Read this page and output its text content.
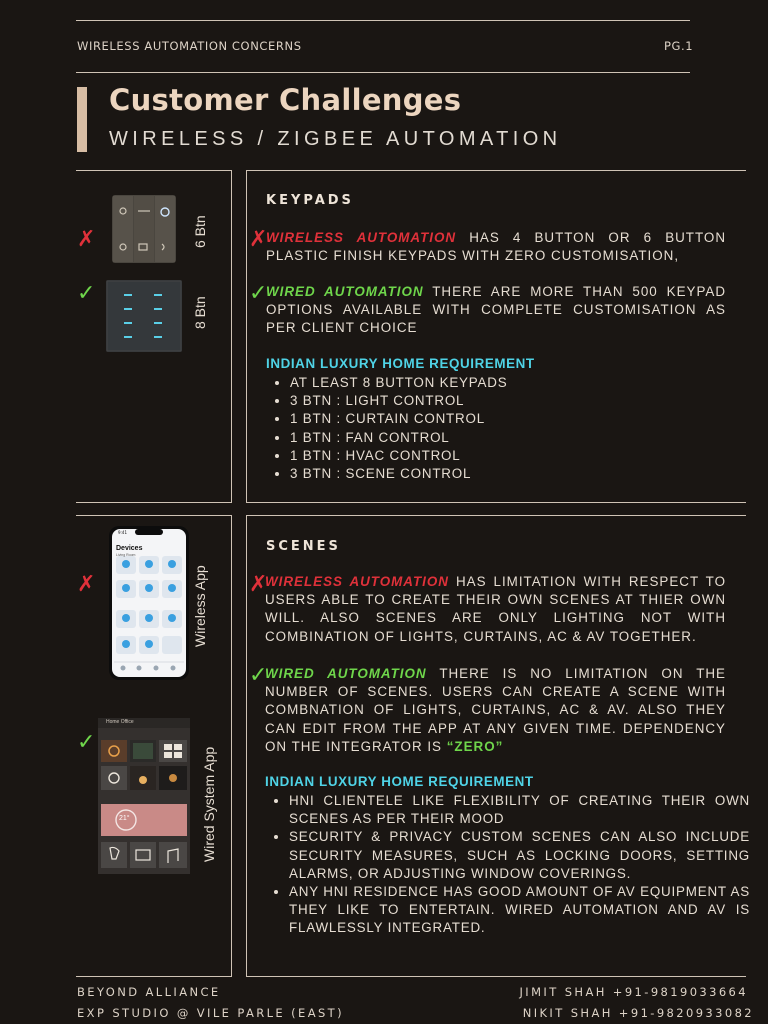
WIRELESS AUTOMATION CONCERNS	PG.1
Customer Challenges
WIRELESS / ZIGBEE AUTOMATION
✗	6 Btn
✓
8 Btn
KEYPADS
✗
WIRELESS AUTOMATION HAS 4 BUTTON OR 6 BUTTON PLASTIC FINISH KEYPADS WITH ZERO CUSTOMISATION,
✓
WIRED AUTOMATION THERE ARE MORE THAN 500 KEYPAD OPTIONS AVAILABLE WITH COMPLETE CUSTOMISATION AS PER CLIENT CHOICE
INDIAN LUXURY HOME REQUIREMENT
• AT LEAST 8 BUTTON KEYPADS
• 3 BTN : LIGHT CONTROL
• 1 BTN : CURTAIN CONTROL
• 1 BTN : FAN CONTROL
• 1 BTN : HVAC CONTROL
• 3 BTN : SCENE CONTROL
✗
9:41
Devices
Living Room
Wireless App
✓
Home Office
21°	Wired System App
SCENES
✗
WIRELESS AUTOMATION HAS LIMITATION WITH RESPECT TO USERS ABLE TO CREATE THEIR OWN SCENES AT THIER OWN WILL. ALSO SCENES ARE ONLY LIGHTING NOT WITH COMBINATION OF LIGHTS, CURTAINS, AC & AV TOGETHER.
✓
WIRED AUTOMATION THERE IS NO LIMITATION ON THE NUMBER OF SCENES. USERS CAN CREATE A SCENE WITH COMBNATION OF LIGHTS, CURTAINS, AC & AV. ALSO THEY CAN EDIT FROM THE APP AT ANY GIVEN TIME. DEPENDENCY ON THE INTEGRATOR IS “ZERO”
INDIAN LUXURY HOME REQUIREMENT
• HNI CLIENTELE LIKE FLEXIBILITY OF CREATING THEIR OWN SCENES AS PER THEIR MOOD
• SECURITY & PRIVACY CUSTOM SCENES CAN ALSO INCLUDE SECURITY MEASURES, SUCH AS LOCKING DOORS, SETTING ALARMS, OR ADJUSTING WINDOW COVERINGS.
• ANY HNI RESIDENCE HAS GOOD AMOUNT OF AV EQUIPMENT AS THEY LIKE TO ENTERTAIN. WIRED AUTOMATION AND AV IS FLAWLESSLY INTEGRATED.
BEYOND ALLIANCE
EXP STUDIO @ VILE PARLE (EAST)
JIMIT SHAH +91-9819033664
NIKIT SHAH +91-9820933082
